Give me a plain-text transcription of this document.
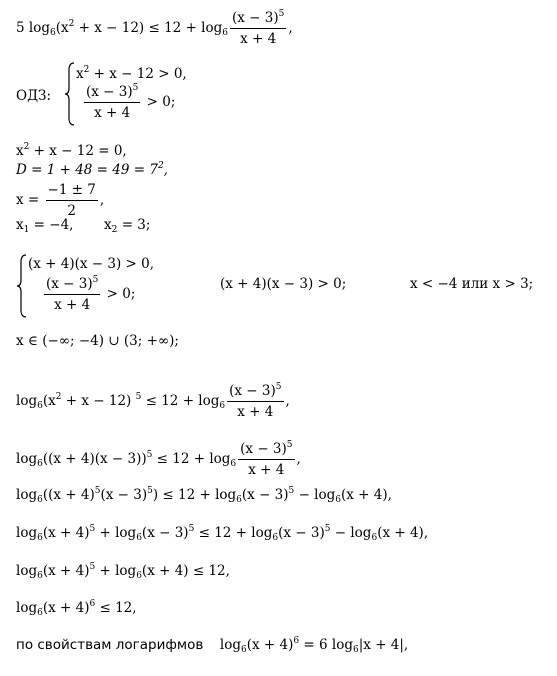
5 $\log_6(x^2 + x - 12) \le 12 + \log_6 \frac{(x - 3)^5}{x + 4}$ ,
ОДЗ:
$x^2 + x - 12 > 0$,
$\frac{(x - 3)^5}{x + 4} > 0$;
$x^2 + x - 12 = 0$,
$D = 1 + 48 = 49 = 7^2$,
$x = \frac{-1 \pm 7}{2}$ ,
$x_1 = -4$, $x_2 = 3$;
(x + 4)(x − 3) > 0,
$\frac{(x - 3)^5}{x + 4} > 0$;
(x + 4)(x − 3) > 0;	x < −4 или x > 3;
x ∈ (−∞; −4) ∪ (3; +∞);
$\log_6(x^2 + x - 12) ^5 \le 12 + \log_6 \frac{(x - 3)^5}{x + 4}$ ,
$\log_6((x + 4)(x - 3))^5 \le 12 + \log_6 \frac{(x - 3)^5}{x + 4}$ ,
$\log_6((x + 4)^5(x - 3)^5) \le 12 + \log_6(x - 3)^5 - \log_6(x + 4)$,
$\log_6(x + 4)^5 + \log_6(x - 3)^5 \le 12 + \log_6(x - 3)^5 - \log_6(x + 4)$,
$\log_6(x + 4)^5 + \log_6(x + 4) \le 12$,
$\log_6(x + 4)^6 \le 12$,
по свойствам логарифмов $\log_6(x + 4)^6 = 6$ $\log_6|x + 4|$,
